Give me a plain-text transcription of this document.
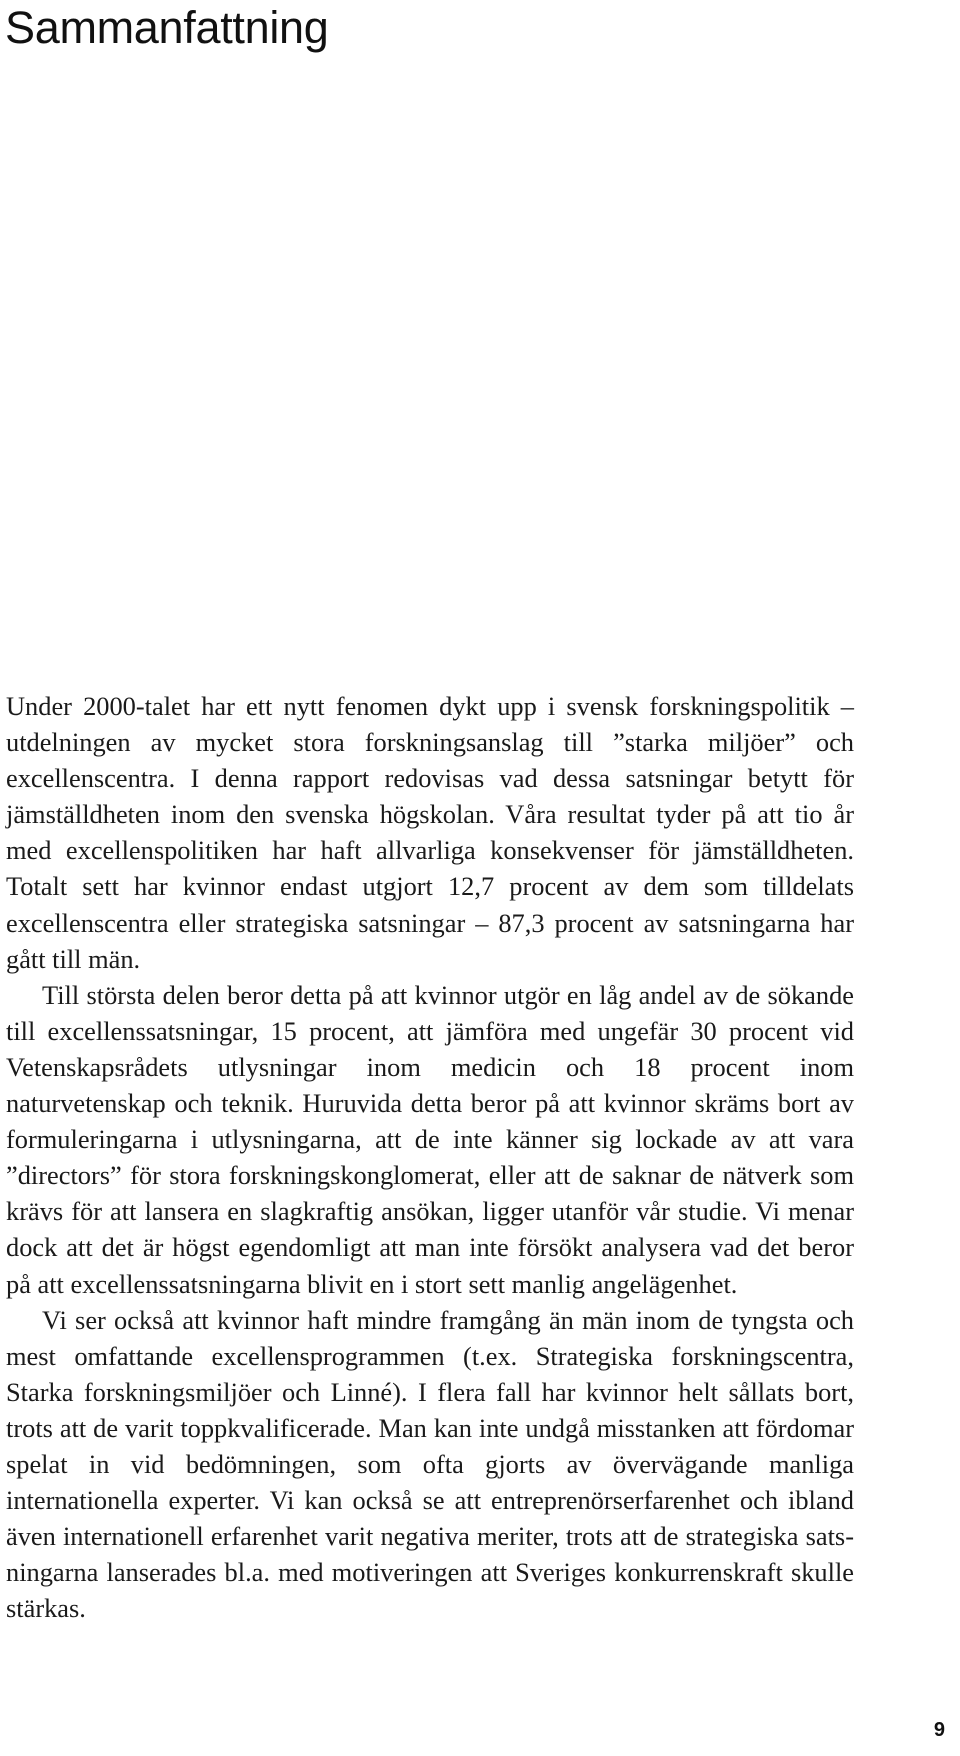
Sammanfattning

Under 2000-talet har ett nytt fenomen dykt upp i svensk forskningspolitik – utdelningen av mycket stora forskningsanslag till ”starka miljöer” och excellenscentra. I denna rapport redovisas vad dessa satsningar betytt för jämställdheten inom den svenska högskolan. Våra resultat tyder på att tio år med excellenspolitiken har haft allvarliga konsekvenser för jämställdheten. Totalt sett har kvinnor endast utgjort 12,7 procent av dem som tilldelats excellenscentra eller strategiska satsningar – 87,3 procent av satsningarna har gått till män.

Till största delen beror detta på att kvinnor utgör en låg andel av de sökande till excellenssatsningar, 15 procent, att jämföra med ungefär 30 procent vid Vetenskapsrådets utlysningar inom medicin och 18 procent inom naturvetenskap och teknik. Huruvida detta beror på att kvinnor skräms bort av formuleringarna i utlysningarna, att de inte känner sig lockade av att vara ”directors” för stora forskningskonglomerat, eller att de saknar de nätverk som krävs för att lansera en slagkraftig ansökan, ligger utanför vår studie. Vi menar dock att det är högst egendomligt att man inte försökt analysera vad det beror på att excellenssatsningarna blivit en i stort sett manlig angelägenhet.

Vi ser också att kvinnor haft mindre framgång än män inom de tyngsta och mest omfattande excellensprogrammen (t.ex. Strategiska forskningscentra, Starka forskningsmiljöer och Linné). I flera fall har kvinnor helt sållats bort, trots att de varit toppkvalificerade. Man kan inte undgå misstanken att fördomar spelat in vid bedömningen, som ofta gjorts av övervägande manliga internationella experter. Vi kan också se att entreprenörserfarenhet och ibland även internationell erfarenhet varit negativa meriter, trots att de strategiska satsningarna lanserades bl.a. med motiveringen att Sveriges konkurrenskraft skulle stärkas.

9
